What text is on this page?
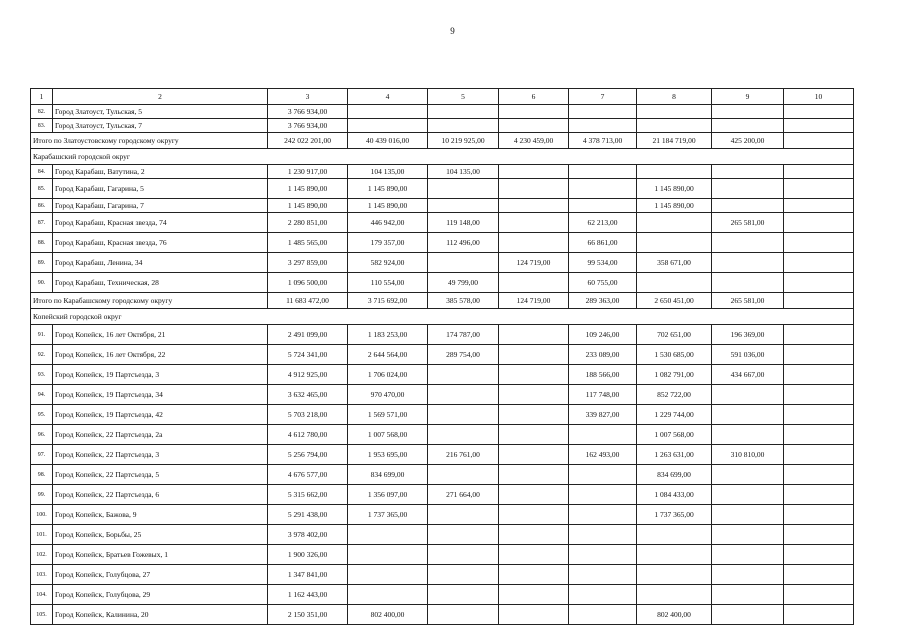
9
1	2	3	4	5	6	7	8	9	10
82.	Город Златоуст, Тульская, 5	3 766 934,00							
83.	Город Златоуст, Тульская, 7	3 766 934,00							
Итого по Златоустовскому городскому округу		242 022 201,00	40 439 016,00	10 219 925,00	4 230 459,00	4 378 713,00	21 184 719,00	425 200,00	
Карабашский городской округ									
84.	Город Карабаш, Ватутина, 2	1 230 917,00	104 135,00	104 135,00					
85.	Город Карабаш, Гагарина, 5	1 145 890,00	1 145 890,00				1 145 890,00		
86.	Город Карабаш, Гагарина, 7	1 145 890,00	1 145 890,00				1 145 890,00		
87.	Город Карабаш, Красная звезда, 74	2 280 851,00	446 942,00	119 148,00		62 213,00		265 581,00	
88.	Город Карабаш, Красная звезда, 76	1 485 565,00	179 357,00	112 496,00		66 861,00			
89.	Город Карабаш, Ленина, 34	3 297 859,00	582 924,00		124 719,00	99 534,00	358 671,00		
90.	Город Карабаш, Техническая, 28	1 096 500,00	110 554,00	49 799,00		60 755,00			
Итого по Карабашскому городскому округу		11 683 472,00	3 715 692,00	385 578,00	124 719,00	289 363,00	2 650 451,00	265 581,00	
Копейский городской округ									
91.	Город Копейск, 16 лет Октября, 21	2 491 099,00	1 183 253,00	174 787,00		109 246,00	702 651,00	196 369,00	
92.	Город Копейск, 16 лет Октября, 22	5 724 341,00	2 644 564,00	289 754,00		233 089,00	1 530 685,00	591 036,00	
93.	Город Копейск, 19 Партсъезда, 3	4 912 925,00	1 706 024,00			188 566,00	1 082 791,00	434 667,00	
94.	Город Копейск, 19 Партсъезда, 34	3 632 465,00	970 470,00			117 748,00	852 722,00		
95.	Город Копейск, 19 Партсъезда, 42	5 703 218,00	1 569 571,00			339 827,00	1 229 744,00		
96.	Город Копейск, 22 Партсъезда, 2а	4 612 780,00	1 007 568,00				1 007 568,00		
97.	Город Копейск, 22 Партсъезда, 3	5 256 794,00	1 953 695,00	216 761,00		162 493,00	1 263 631,00	310 810,00	
98.	Город Копейск, 22 Партсъезда, 5	4 676 577,00	834 699,00				834 699,00		
99.	Город Копейск, 22 Партсъезда, 6	5 315 662,00	1 356 097,00	271 664,00			1 084 433,00		
100.	Город Копейск, Бажова, 9	5 291 438,00	1 737 365,00				1 737 365,00		
101.	Город Копейск, Борьбы, 25	3 978 402,00							
102.	Город Копейск, Братьев Гожевых, 1	1 900 326,00							
103.	Город Копейск, Голубцова, 27	1 347 841,00							
104.	Город Копейск, Голубцова, 29	1 162 443,00							
105.	Город Копейск, Калинина, 20	2 150 351,00	802 400,00				802 400,00		
